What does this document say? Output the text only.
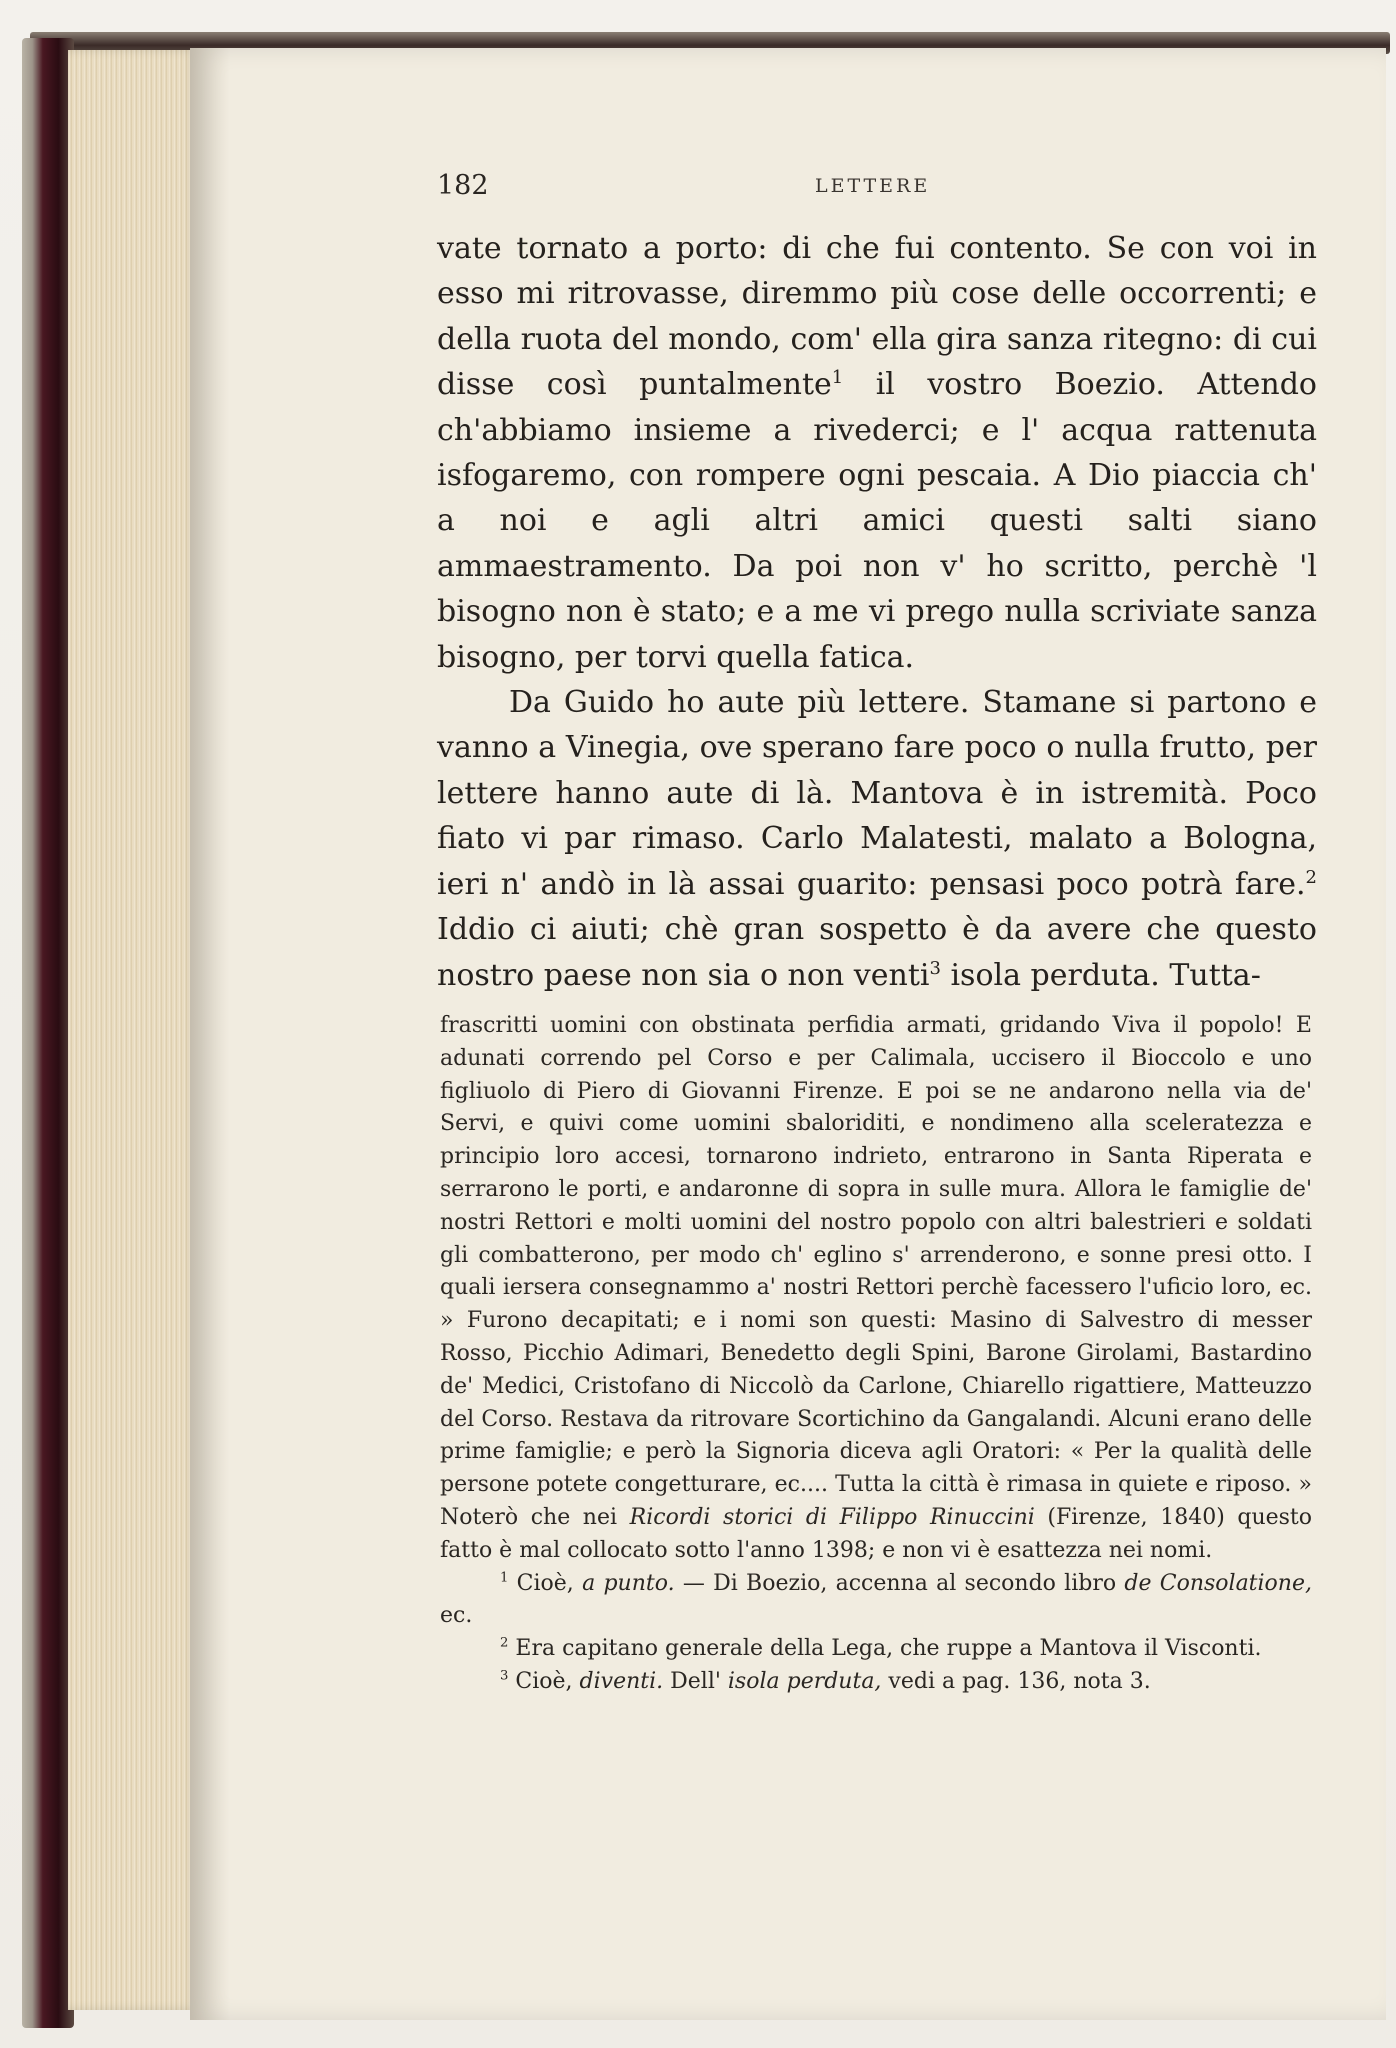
182	LETTERE

vate tornato a porto: di che fui contento. Se con voi in esso mi ritrovasse, diremmo più cose delle occorrenti; e della ruota del mondo, com' ella gira sanza ritegno: di cui disse così puntalmente$^1$ il vostro Boezio. Attendo ch'abbiamo insieme a rivederci; e l' acqua rattenuta isfogaremo, con rompere ogni pescaia. A Dio piaccia ch' a noi e agli altri amici questi salti siano ammaestramento. Da poi non v' ho scritto, perchè 'l bisogno non è stato; e a me vi prego nulla scriviate sanza bisogno, per torvi quella fatica.

Da Guido ho aute più lettere. Stamane si partono e vanno a Vinegia, ove sperano fare poco o nulla frutto, per lettere hanno aute di là. Mantova è in istremità. Poco fiato vi par rimaso. Carlo Malatesti, malato a Bologna, ieri n' andò in là assai guarito: pensasi poco potrà fare.$^2$ Iddio ci aiuti; chè gran sospetto è da avere che questo nostro paese non sia o non venti$^3$ isola perduta. Tutta-

frascritti uomini con obstinata perfidia armati, gridando Viva il popolo! E adunati correndo pel Corso e per Calimala, uccisero il Bioccolo e uno figliuolo di Piero di Giovanni Firenze. E poi se ne andarono nella via de' Servi, e quivi come uomini sbaloriditi, e nondimeno alla sceleratezza e principio loro accesi, tornarono indrieto, entrarono in Santa Riperata e serrarono le porti, e andaronne di sopra in sulle mura. Allora le famiglie de' nostri Rettori e molti uomini del nostro popolo con altri balestrieri e soldati gli combatterono, per modo ch' eglino s' arrenderono, e sonne presi otto. I quali iersera consegnammo a' nostri Rettori perchè facessero l'uficio loro, ec. » Furono decapitati; e i nomi son questi: Masino di Salvestro di messer Rosso, Picchio Adimari, Benedetto degli Spini, Barone Girolami, Bastardino de' Medici, Cristofano di Niccolò da Carlone, Chiarello rigattiere, Matteuzzo del Corso. Restava da ritrovare Scortichino da Gangalandi. Alcuni erano delle prime famiglie; e però la Signoria diceva agli Oratori: « Per la qualità delle persone potete congetturare, ec.... Tutta la città è rimasa in quiete e riposo. » Noterò che nei Ricordi storici di Filippo Rinuccini (Firenze, 1840) questo fatto è mal collocato sotto l'anno 1398; e non vi è esattezza nei nomi.

$^1$ Cioè, a punto. — Di Boezio, accenna al secondo libro de Consolatione, ec.

$^2$ Era capitano generale della Lega, che ruppe a Mantova il Visconti.

$^3$ Cioè, diventi. Dell' isola perduta, vedi a pag. 136, nota 3.
